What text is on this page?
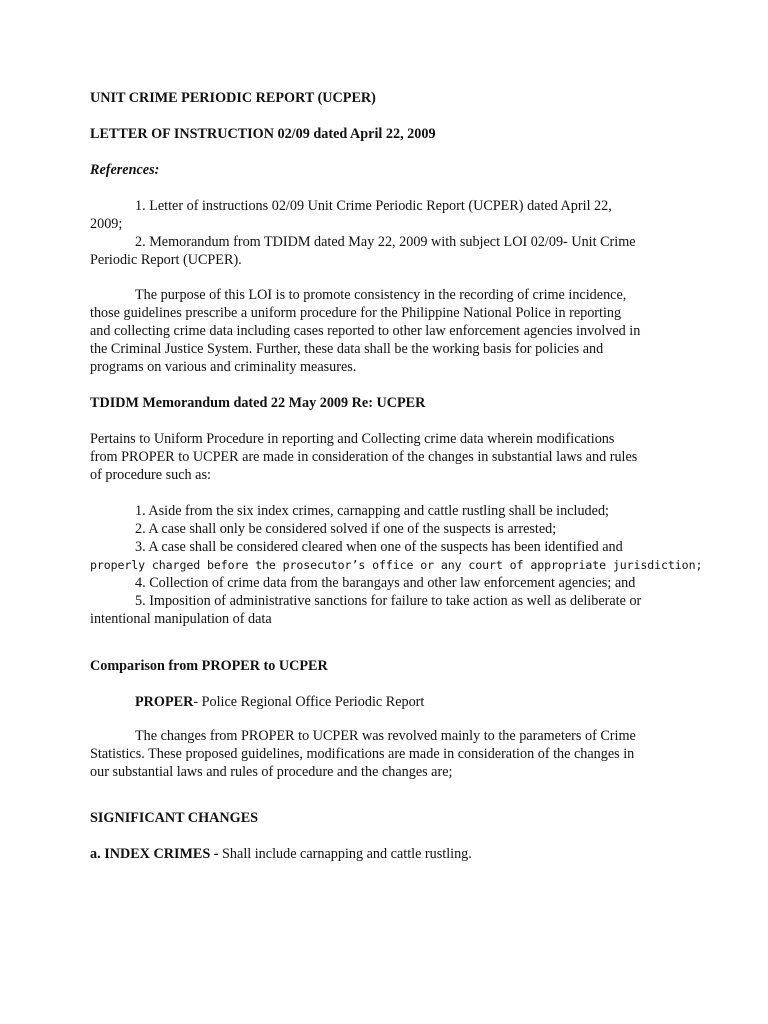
UNIT CRIME PERIODIC REPORT (UCPER)

LETTER OF INSTRUCTION 02/09 dated April 22, 2009

References:

1. Letter of instructions 02/09 Unit Crime Periodic Report (UCPER) dated April 22,

2009;

2. Memorandum from TDIDM dated May 22, 2009 with subject LOI 02/09- Unit Crime

Periodic Report (UCPER).

The purpose of this LOI is to promote consistency in the recording of crime incidence,

those guidelines prescribe a uniform procedure for the Philippine National Police in reporting

and collecting crime data including cases reported to other law enforcement agencies involved in

the Criminal Justice System. Further, these data shall be the working basis for policies and

programs on various and criminality measures.

TDIDM Memorandum dated 22 May 2009 Re: UCPER

Pertains to Uniform Procedure in reporting and Collecting crime data wherein modifications

from PROPER to UCPER are made in consideration of the changes in substantial laws and rules

of procedure such as:

1. Aside from the six index crimes, carnapping and cattle rustling shall be included;

2. A case shall only be considered solved if one of the suspects is arrested;

3. A case shall be considered cleared when one of the suspects has been identified and

properly charged before the prosecutor’s office or any court of appropriate jurisdiction;

4. Collection of crime data from the barangays and other law enforcement agencies; and

5. Imposition of administrative sanctions for failure to take action as well as deliberate or

intentional manipulation of data

Comparison from PROPER to UCPER

PROPER- Police Regional Office Periodic Report

The changes from PROPER to UCPER was revolved mainly to the parameters of Crime

Statistics. These proposed guidelines, modifications are made in consideration of the changes in

our substantial laws and rules of procedure and the changes are;

SIGNIFICANT CHANGES

a. INDEX CRIMES - Shall include carnapping and cattle rustling.
